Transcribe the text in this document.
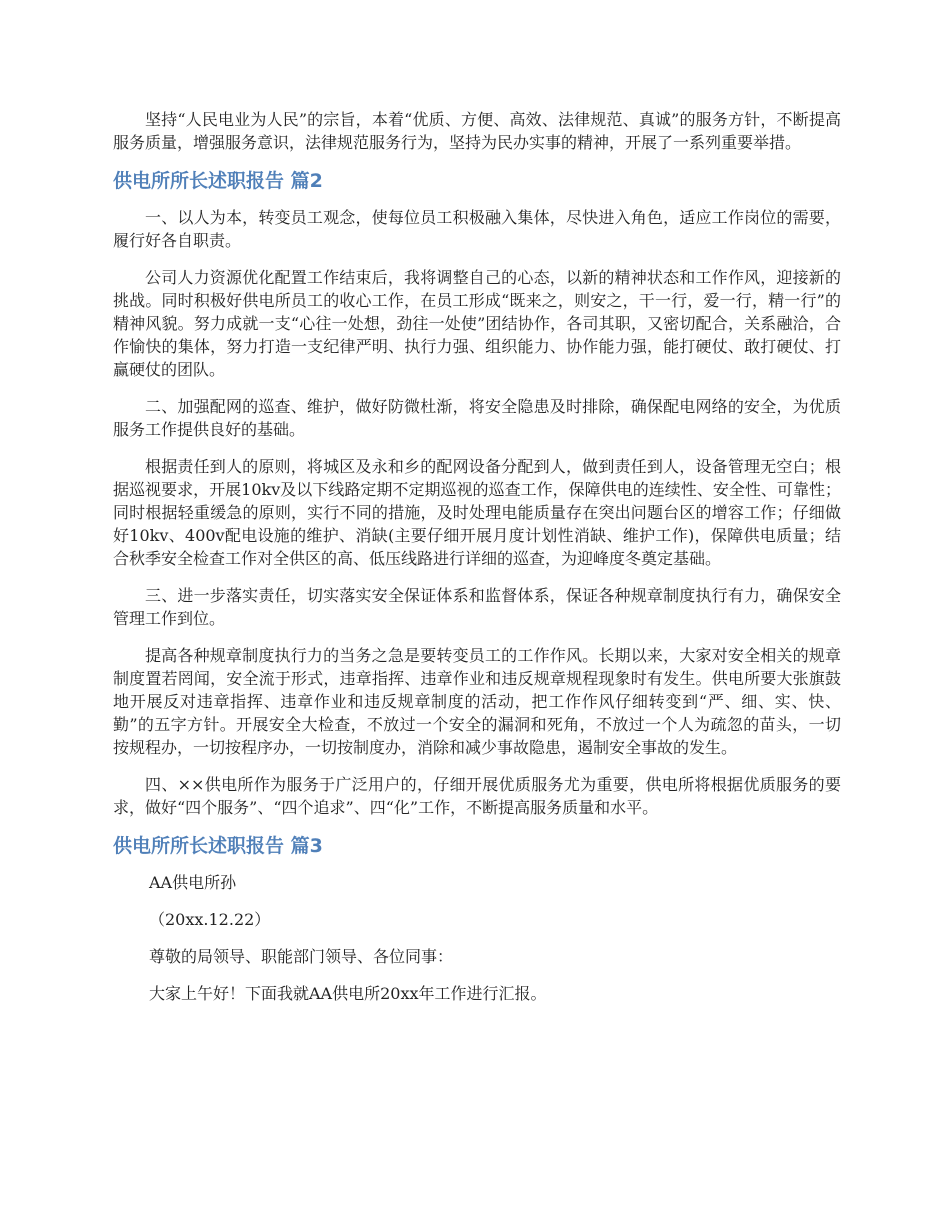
坚持“人民电业为人民”的宗旨，本着“优质、方便、高效、法律规范、真诚”的服务方针，不断提高服务质量，增强服务意识，法律规范服务行为，坚持为民办实事的精神，开展了一系列重要举措。

供电所所长述职报告 篇2

一、以人为本，转变员工观念，使每位员工积极融入集体，尽快进入角色，适应工作岗位的需要，履行好各自职责。

公司人力资源优化配置工作结束后，我将调整自己的心态，以新的精神状态和工作作风，迎接新的挑战。同时积极好供电所员工的收心工作，在员工形成“既来之，则安之，干一行，爱一行，精一行”的精神风貌。努力成就一支“心往一处想，劲往一处使”团结协作，各司其职，又密切配合，关系融洽，合作愉快的集体，努力打造一支纪律严明、执行力强、组织能力、协作能力强，能打硬仗、敢打硬仗、打赢硬仗的团队。

二、加强配网的巡查、维护，做好防微杜渐，将安全隐患及时排除，确保配电网络的安全，为优质服务工作提供良好的基础。

根据责任到人的原则，将城区及永和乡的配网设备分配到人，做到责任到人，设备管理无空白；根据巡视要求，开展10kv及以下线路定期不定期巡视的巡查工作，保障供电的连续性、安全性、可靠性；同时根据轻重缓急的原则，实行不同的措施，及时处理电能质量存在突出问题台区的增容工作；仔细做好10kv、400v配电设施的维护、消缺(主要仔细开展月度计划性消缺、维护工作)，保障供电质量；结合秋季安全检查工作对全供区的高、低压线路进行详细的巡查，为迎峰度冬奠定基础。

三、进一步落实责任，切实落实安全保证体系和监督体系，保证各种规章制度执行有力，确保安全管理工作到位。

提高各种规章制度执行力的当务之急是要转变员工的工作作风。长期以来，大家对安全相关的规章制度置若罔闻，安全流于形式，违章指挥、违章作业和违反规章规程现象时有发生。供电所要大张旗鼓地开展反对违章指挥、违章作业和违反规章制度的活动，把工作作风仔细转变到“严、细、实、快、勤”的五字方针。开展安全大检查，不放过一个安全的漏洞和死角，不放过一个人为疏忽的苗头，一切按规程办，一切按程序办，一切按制度办，消除和减少事故隐患，遏制安全事故的发生。

四、××供电所作为服务于广泛用户的，仔细开展优质服务尤为重要，供电所将根据优质服务的要求，做好“四个服务”、“四个追求”、四“化”工作，不断提高服务质量和水平。

供电所所长述职报告 篇3

AA供电所孙

（20xx.12.22）

尊敬的局领导、职能部门领导、各位同事：

大家上午好！下面我就AA供电所20xx年工作进行汇报。
